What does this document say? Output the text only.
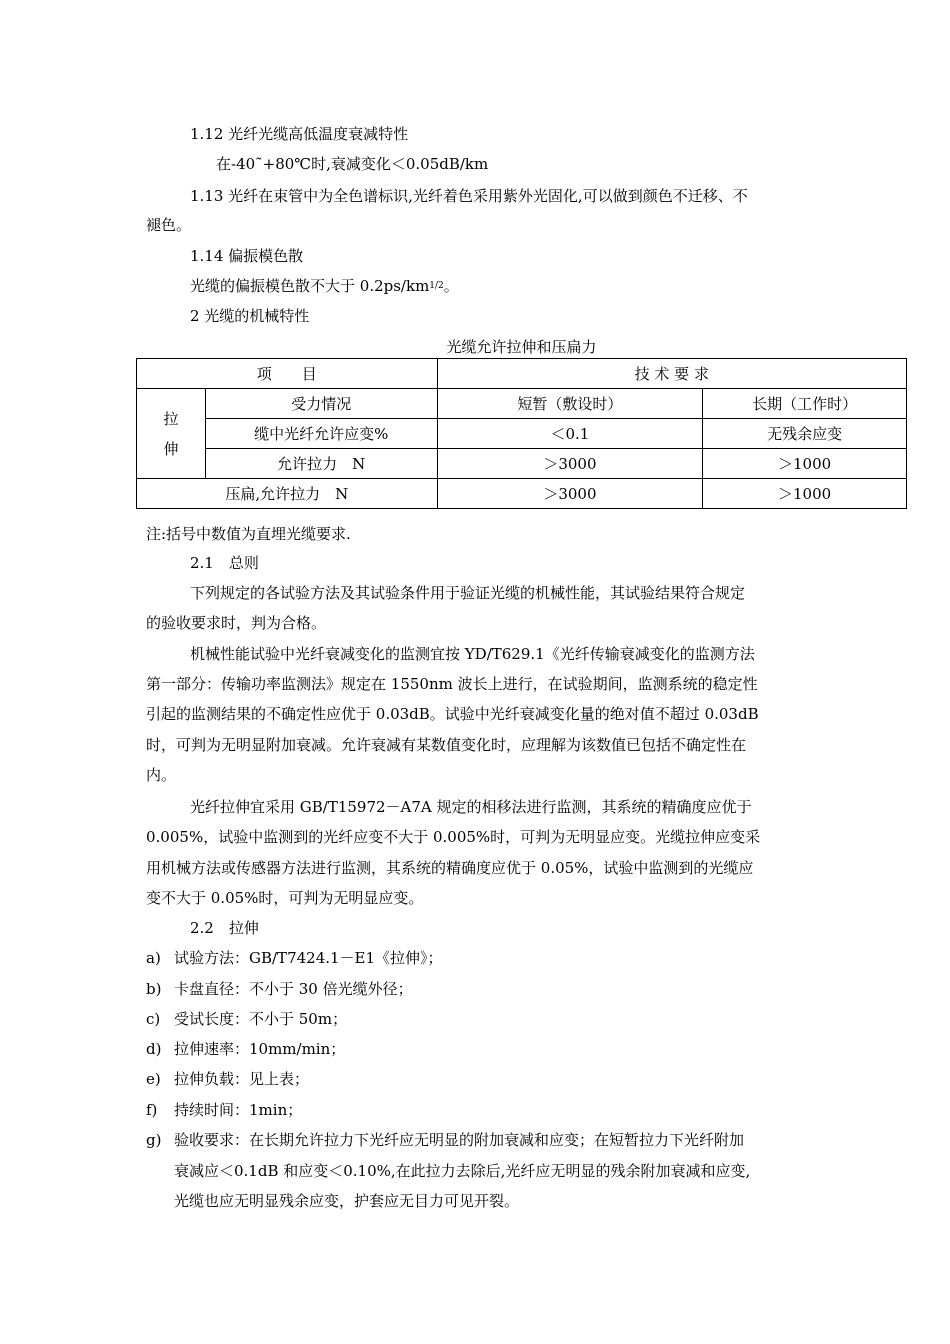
1.12 光纤光缆高低温度衰减特性
在-40˜+80℃时,衰减变化＜0.05dB/km
1.13 光纤在束管中为全色谱标识,光纤着色采用紫外光固化,可以做到颜色不迁移、不
褪色。
1.14 偏振模色散
光缆的偏振模色散不大于 $0.2ps/km^{1/2}$。
2 光缆的机械特性
光缆允许拉伸和压扁力
项　　目		技 术 要 求	

拉伸	受力情况	短暂（敷设时）	长期（工作时）
	缆中光纤允许应变%	＜0.1	无残余应变
	允许拉力　N	＞3000	＞1000
压扁,允许拉力　N		＞3000	＞1000
注:括号中数值为直埋光缆要求.
2.1　总则
下列规定的各试验方法及其试验条件用于验证光缆的机械性能，其试验结果符合规定
的验收要求时，判为合格。
机械性能试验中光纤衰减变化的监测宜按 YD/T629.1《光纤传输衰减变化的监测方法
第一部分：传输功率监测法》规定在 1550nm 波长上进行，在试验期间，监测系统的稳定性
引起的监测结果的不确定性应优于 0.03dB。试验中光纤衰减变化量的绝对值不超过 0.03dB
时，可判为无明显附加衰减。允许衰减有某数值变化时，应理解为该数值已包括不确定性在
内。
光纤拉伸宜采用 GB/T15972－A7A 规定的相移法进行监测，其系统的精确度应优于
0.005%，试验中监测到的光纤应变不大于 0.005%时，可判为无明显应变。光缆拉伸应变采
用机械方法或传感器方法进行监测，其系统的精确度应优于 0.05%，试验中监测到的光缆应
变不大于 0.05%时，可判为无明显应变。
2.2　拉伸
a) 试验方法：GB/T7424.1－E1《拉伸》；
b) 卡盘直径：不小于 30 倍光缆外径；
c) 受试长度：不小于 50m；
d) 拉伸速率：10mm/min；
e) 拉伸负载：见上表；
f) 持续时间：1min；
g) 验收要求：在长期允许拉力下光纤应无明显的附加衰减和应变；在短暂拉力下光纤附加
衰减应＜0.1dB 和应变＜0.10%,在此拉力去除后,光纤应无明显的残余附加衰减和应变,
光缆也应无明显残余应变，护套应无目力可见开裂。
